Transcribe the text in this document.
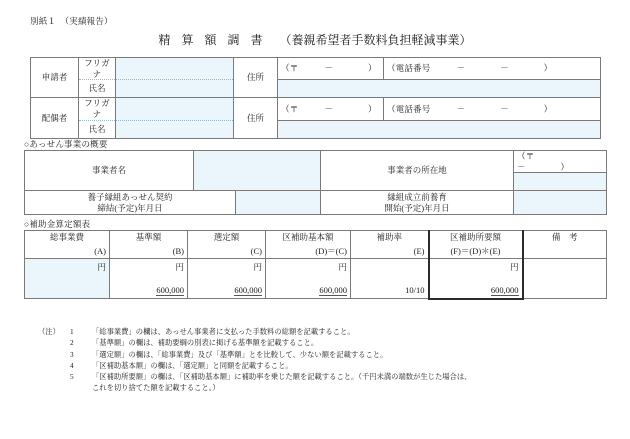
別紙１　（実績報告）
精 算 額 調 書 （養親希望者手数料負担軽減事業）
申請者	フリガナ		住所	（〒　　　－　　　　）	（電話番号　　　－　　　　－　　　　）
	氏名				
配偶者	フリガナ		住所	（〒　　　－　　　　）	（電話番号　　　－　　　　－　　　　）
	氏名				
○あっせん事業の概要
事業者名			事業者の所在地	（〒　　　－　　　　）

養子縁組あっせん契約
締結(予定)年月日			縁組成立前養育
開始(予定)年月日	
○補助金算定額表
総事業費	基準額	選定額	区補助基本額	補助率	区補助所要額	備　考
(A)	(B)	(C)	(D)＝(C)	(E)	(F)＝(D)＊(E)	
円	円	円	円		円	
	600,000	600,000	600,000	10/10	600,000	
（注）	1	「総事業費」の欄は、あっせん事業者に支払った手数料の総額を記載すること。
2	「基準額」の欄は、補助要綱の別表に掲げる基準額を記載すること。
3	「選定額」の欄は、「総事業費」及び「基準額」とを比較して、少ない額を記載すること。
4	「区補助基本額」の欄は、「選定額」と同額を記載すること。
5	「区補助所要額」の欄は、「区補助基本額」に補助率を乗じた額を記載すること。（千円未満の端数が生じた場合は、
これを切り捨てた額を記載すること。）
